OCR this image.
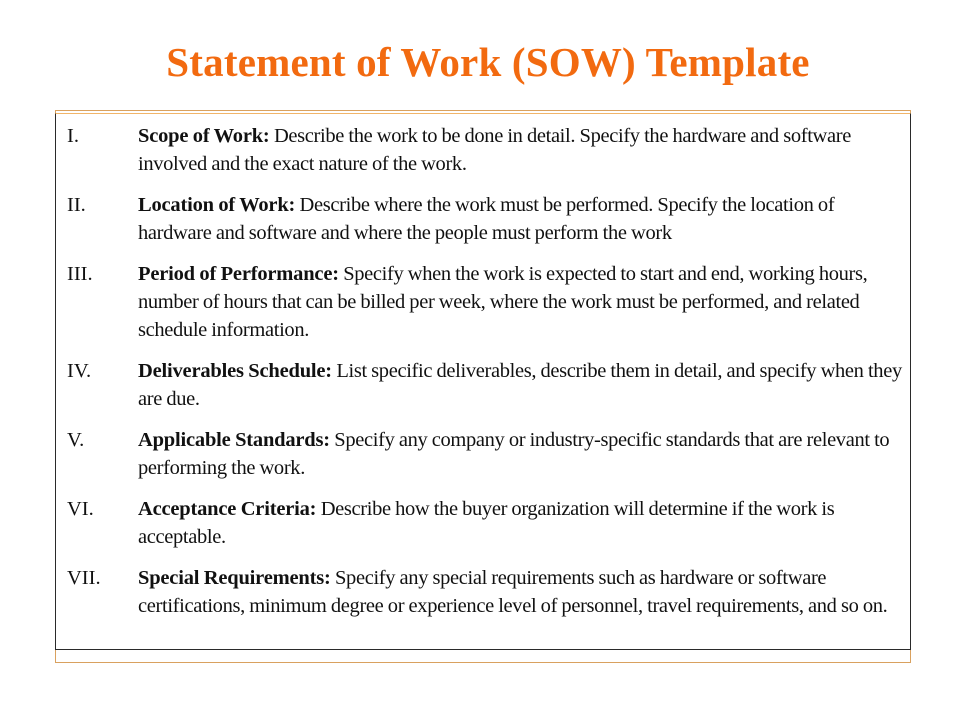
Statement of Work (SOW) Template
I.	Scope of Work: Describe the work to be done in detail. Specify the hardware and software involved and the exact nature of the work.
II.	Location of Work: Describe where the work must be performed. Specify the location of hardware and software and where the people must perform the work
III.	Period of Performance: Specify when the work is expected to start and end, working hours, number of hours that can be billed per week, where the work must be performed, and related schedule information.
IV.	Deliverables Schedule: List specific deliverables, describe them in detail, and specify when they are due.
V.	Applicable Standards: Specify any company or industry-specific standards that are relevant to performing the work.
VI.	Acceptance Criteria: Describe how the buyer organization will determine if the work is acceptable.
VII.	Special Requirements: Specify any special requirements such as hardware or software certifications, minimum degree or experience level of personnel, travel requirements, and so on.
